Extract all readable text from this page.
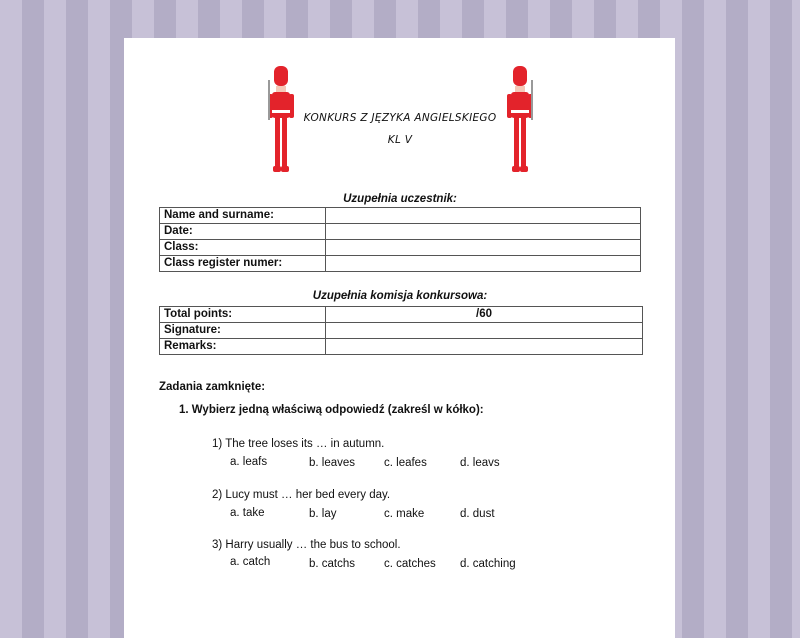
KONKURS Z JĘZYKA ANGIELSKIEGO
KL V
Uzupełnia uczestnik:
Name and surname:	
Date:	
Class:	
Class register numer:	
Uzupełnia komisja konkursowa:
Total points:	/60
Signature:	
Remarks:	
Zadania zamknięte:
1. Wybierz jedną właściwą odpowiedź (zakreśl w kółko):
1) The tree loses its … in autumn.
a. leafs	b. leaves	c. leafes	d. leavs
2) Lucy must … her bed every day.
a. take	b. lay	c. make	d. dust
3) Harry usually … the bus to school.
a. catch	b. catchs	c. catches d. catching
